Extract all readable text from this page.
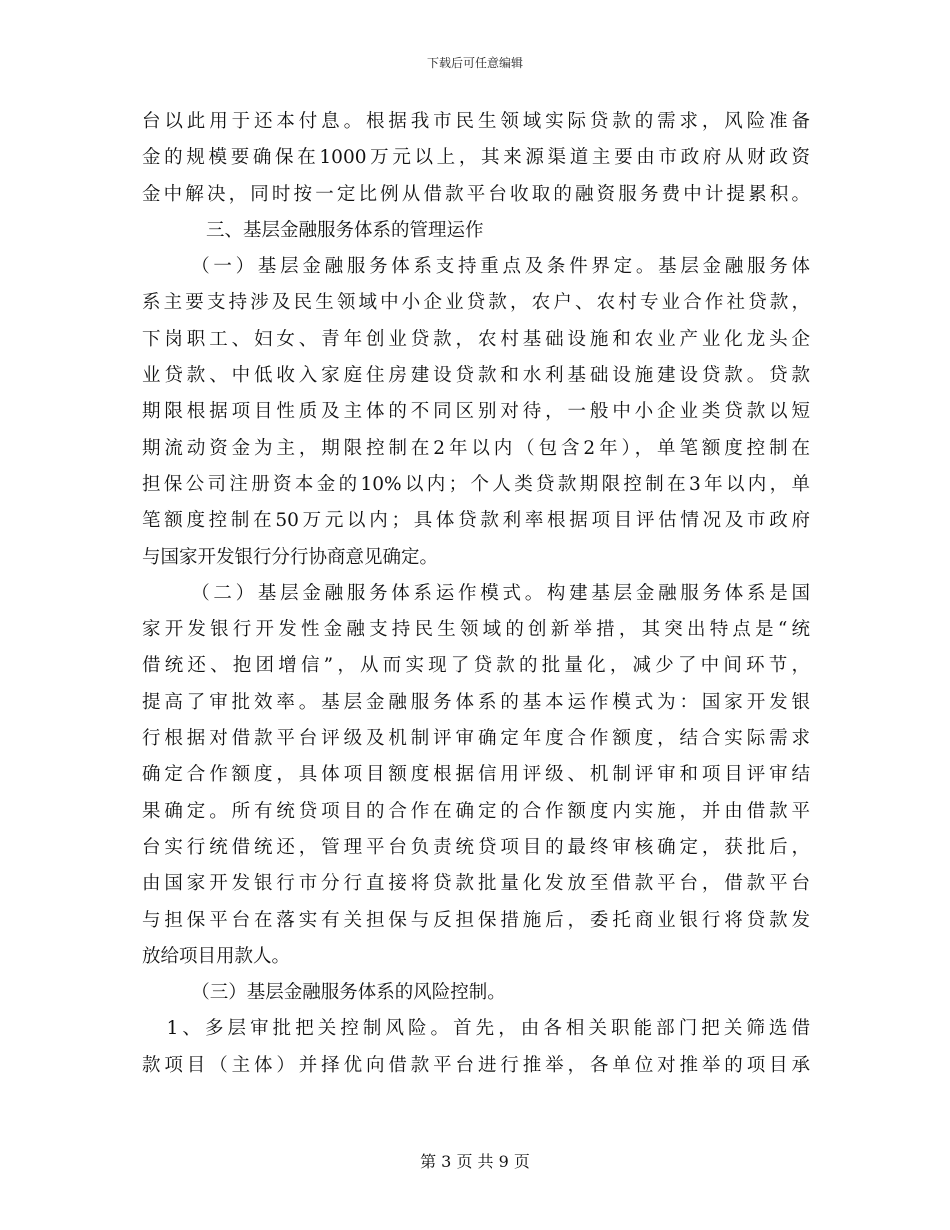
下载后可任意编辑
台以此用于还本付息。根据我市民生领域实际贷款的需求，风险准备
金的规模要确保在1000万元以上，其来源渠道主要由市政府从财政资
金中解决，同时按一定比例从借款平台收取的融资服务费中计提累积。
三、基层金融服务体系的管理运作
（一）基层金融服务体系支持重点及条件界定。基层金融服务体
系主要支持涉及民生领域中小企业贷款，农户、农村专业合作社贷款，
下岗职工、妇女、青年创业贷款，农村基础设施和农业产业化龙头企
业贷款、中低收入家庭住房建设贷款和水利基础设施建设贷款。贷款
期限根据项目性质及主体的不同区别对待，一般中小企业类贷款以短
期流动资金为主，期限控制在2年以内（包含2年），单笔额度控制在
担保公司注册资本金的10%以内；个人类贷款期限控制在3年以内，单
笔额度控制在50万元以内；具体贷款利率根据项目评估情况及市政府
与国家开发银行分行协商意见确定。
（二）基层金融服务体系运作模式。构建基层金融服务体系是国
家开发银行开发性金融支持民生领域的创新举措，其突出特点是“统
借统还、抱团增信”，从而实现了贷款的批量化，减少了中间环节，
提高了审批效率。基层金融服务体系的基本运作模式为：国家开发银
行根据对借款平台评级及机制评审确定年度合作额度，结合实际需求
确定合作额度，具体项目额度根据信用评级、机制评审和项目评审结
果确定。所有统贷项目的合作在确定的合作额度内实施，并由借款平
台实行统借统还，管理平台负责统贷项目的最终审核确定，获批后，
由国家开发银行市分行直接将贷款批量化发放至借款平台，借款平台
与担保平台在落实有关担保与反担保措施后，委托商业银行将贷款发
放给项目用款人。
（三）基层金融服务体系的风险控制。
1、多层审批把关控制风险。首先，由各相关职能部门把关筛选借
款项目（主体）并择优向借款平台进行推举，各单位对推举的项目承
第 3 页 共 9 页
